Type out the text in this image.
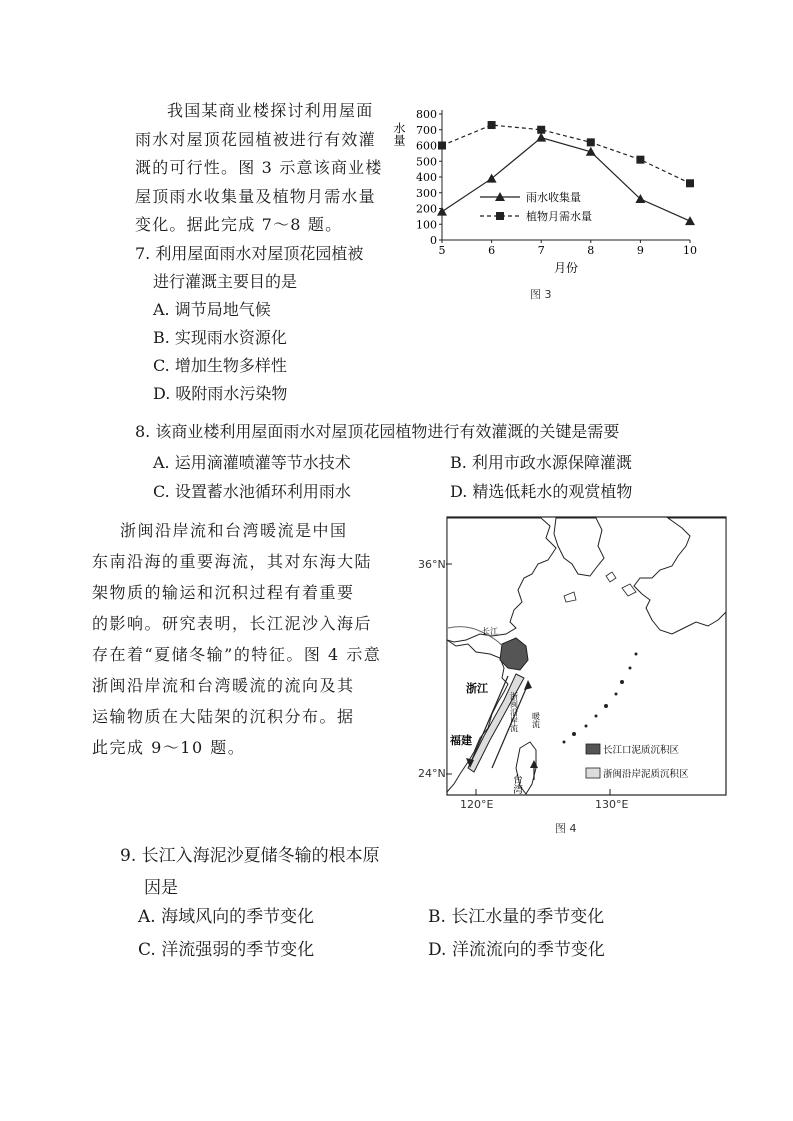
我国某商业楼探讨利用屋面
雨水对屋顶花园植被进行有效灌
溉的可行性。图 3 示意该商业楼
屋顶雨水收集量及植物月需水量
变化。据此完成 7～8 题。
7. 利用屋面雨水对屋顶花园植被
进行灌溉主要目的是
A. 调节局地气候
B. 实现雨水资源化
C. 增加生物多样性
D. 吸附雨水污染物
0
100
200
300
400
500
600
700
800
5	6	7	8	9	10
水量
月份
雨水收集量
植物月需水量
图 3
8. 该商业楼利用屋面雨水对屋顶花园植物进行有效灌溉的关键是需要
A. 运用滴灌喷灌等节水技术	B. 利用市政水源保障灌溉
C. 设置蓄水池循环利用雨水	D. 精选低耗水的观赏植物
浙闽沿岸流和台湾暖流是中国
东南沿海的重要海流，其对东海大陆
架物质的输运和沉积过程有着重要
的影响。研究表明，长江泥沙入海后
存在着“夏储冬输”的特征。图 4 示意
浙闽沿岸流和台湾暖流的流向及其
运输物质在大陆架的沉积分布。据
此完成 9～10 题。	长江口泥质沉积区
浙闽沿岸泥质沉积区
浙江
福建
长江
台湾
浙闽沿岸流 暖流
36°N
24°N
120°E	130°E
图 4
9. 长江入海泥沙夏储冬输的根本原
因是
A. 海域风向的季节变化	B. 长江水量的季节变化
C. 洋流强弱的季节变化	D. 洋流流向的季节变化
